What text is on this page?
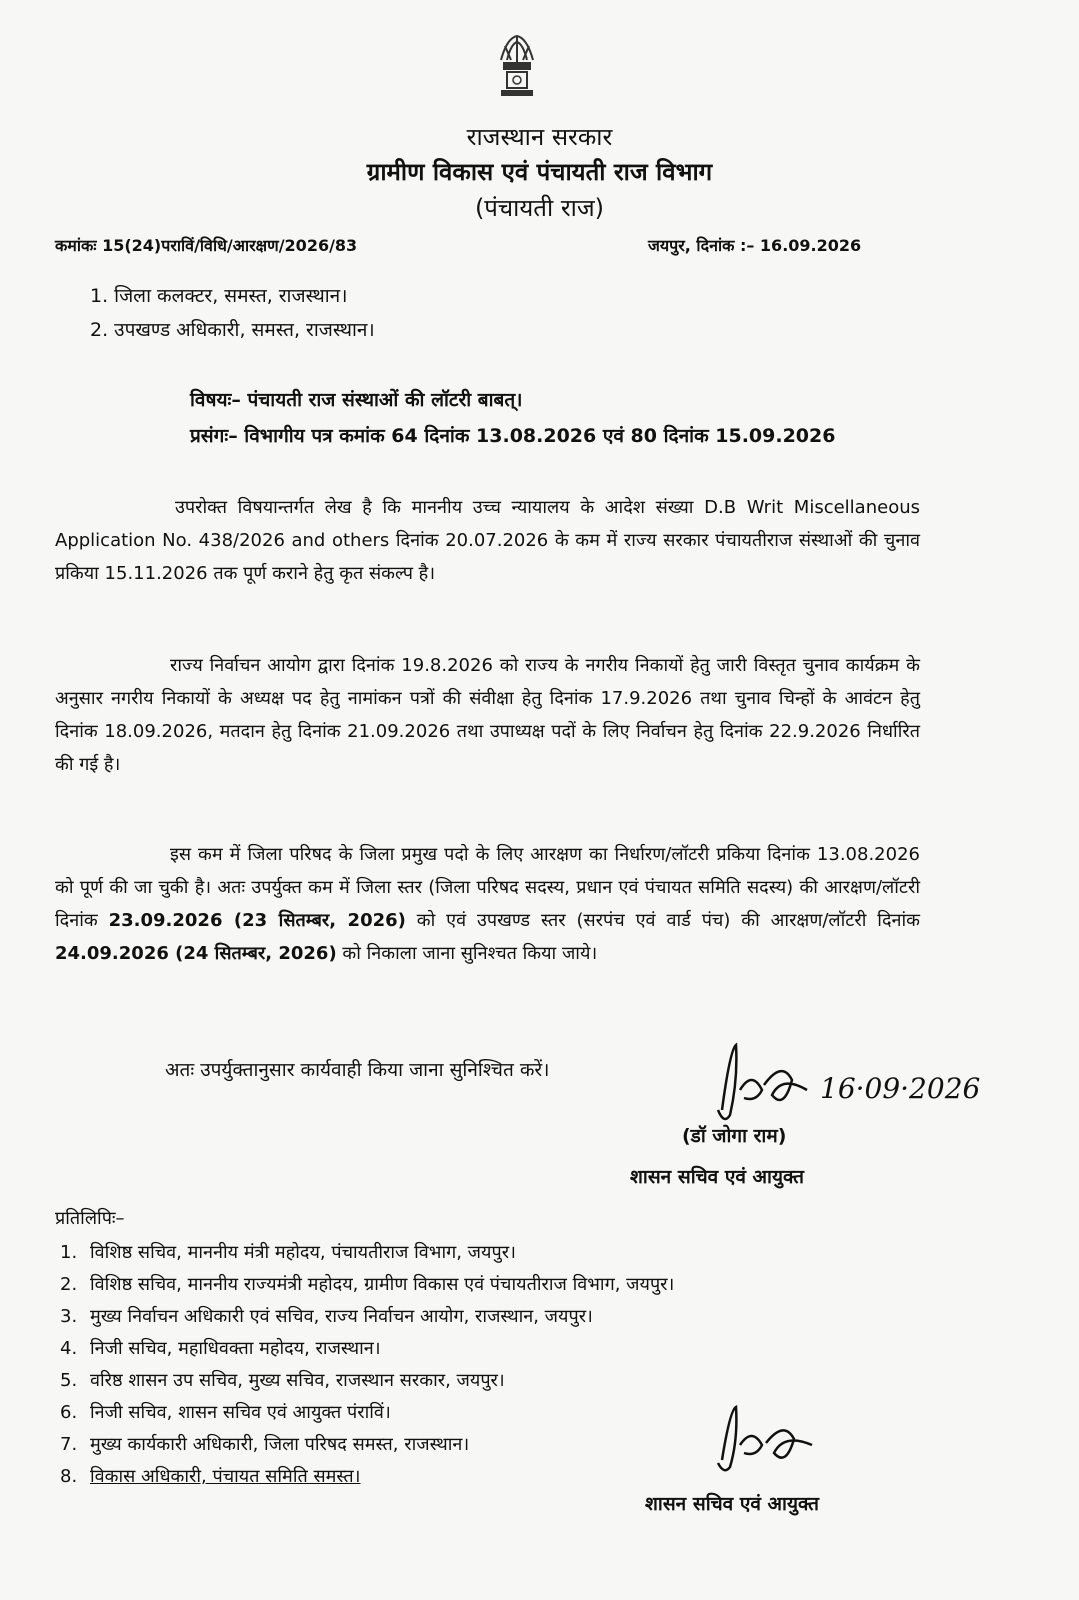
राजस्थान सरकार
ग्रामीण विकास एवं पंचायती राज विभाग
(पंचायती राज)
कमांकः 15(24)पराविं/विधि/आरक्षण/2026/83	जयपुर, दिनांक :– 16.09.2026
1. जिला कलक्टर, समस्त, राजस्थान।
2. उपखण्ड अधिकारी, समस्त, राजस्थान।
विषयः– पंचायती राज संस्थाओं की लॉटरी बाबत्।
प्रसंगः– विभागीय पत्र कमांक 64 दिनांक 13.08.2026 एवं 80 दिनांक 15.09.2026
उपरोक्त विषयान्तर्गत लेख है कि माननीय उच्च न्यायालय के आदेश संख्या D.B Writ Miscellaneous Application No. 438/2026 and others दिनांक 20.07.2026 के कम में राज्य सरकार पंचायतीराज संस्थाओं की चुनाव प्रकिया 15.11.2026 तक पूर्ण कराने हेतु कृत संकल्प है।
राज्य निर्वाचन आयोग द्वारा दिनांक 19.8.2026 को राज्य के नगरीय निकायों हेतु जारी विस्तृत चुनाव कार्यक्रम के अनुसार नगरीय निकायों के अध्यक्ष पद हेतु नामांकन पत्रों की संवीक्षा हेतु दिनांक 17.9.2026 तथा चुनाव चिन्हों के आवंटन हेतु दिनांक 18.09.2026, मतदान हेतु दिनांक 21.09.2026 तथा उपाध्यक्ष पदों के लिए निर्वाचन हेतु दिनांक 22.9.2026 निर्धारित की गई है।
इस कम में जिला परिषद के जिला प्रमुख पदो के लिए आरक्षण का निर्धारण/लॉटरी प्रकिया दिनांक 13.08.2026 को पूर्ण की जा चुकी है। अतः उपर्युक्त कम में जिला स्तर (जिला परिषद सदस्य, प्रधान एवं पंचायत समिति सदस्य) की आरक्षण/लॉटरी दिनांक 23.09.2026 (23 सितम्बर, 2026) को एवं उपखण्ड स्तर (सरपंच एवं वार्ड पंच) की आरक्षण/लॉटरी दिनांक 24.09.2026 (24 सितम्बर, 2026) को निकाला जाना सुनिश्चत किया जाये।
अतः उपर्युक्तानुसार कार्यवाही किया जाना सुनिश्चित करें।
16·09·2026
(डॉ जोगा राम)
शासन सचिव एवं आयुक्त
प्रतिलिपिः–
1. विशिष्ठ सचिव, माननीय मंत्री महोदय, पंचायतीराज विभाग, जयपुर।
2. विशिष्ठ सचिव, माननीय राज्यमंत्री महोदय, ग्रामीण विकास एवं पंचायतीराज विभाग, जयपुर।
3. मुख्य निर्वाचन अधिकारी एवं सचिव, राज्य निर्वाचन आयोग, राजस्थान, जयपुर।
4. निजी सचिव, महाधिवक्ता महोदय, राजस्थान।
5. वरिष्ठ शासन उप सचिव, मुख्य सचिव, राजस्थान सरकार, जयपुर।
6. निजी सचिव, शासन सचिव एवं आयुक्त पंराविं।
7. मुख्य कार्यकारी अधिकारी, जिला परिषद समस्त, राजस्थान।
8. विकास अधिकारी, पंचायत समिति समस्त।
शासन सचिव एवं आयुक्त
